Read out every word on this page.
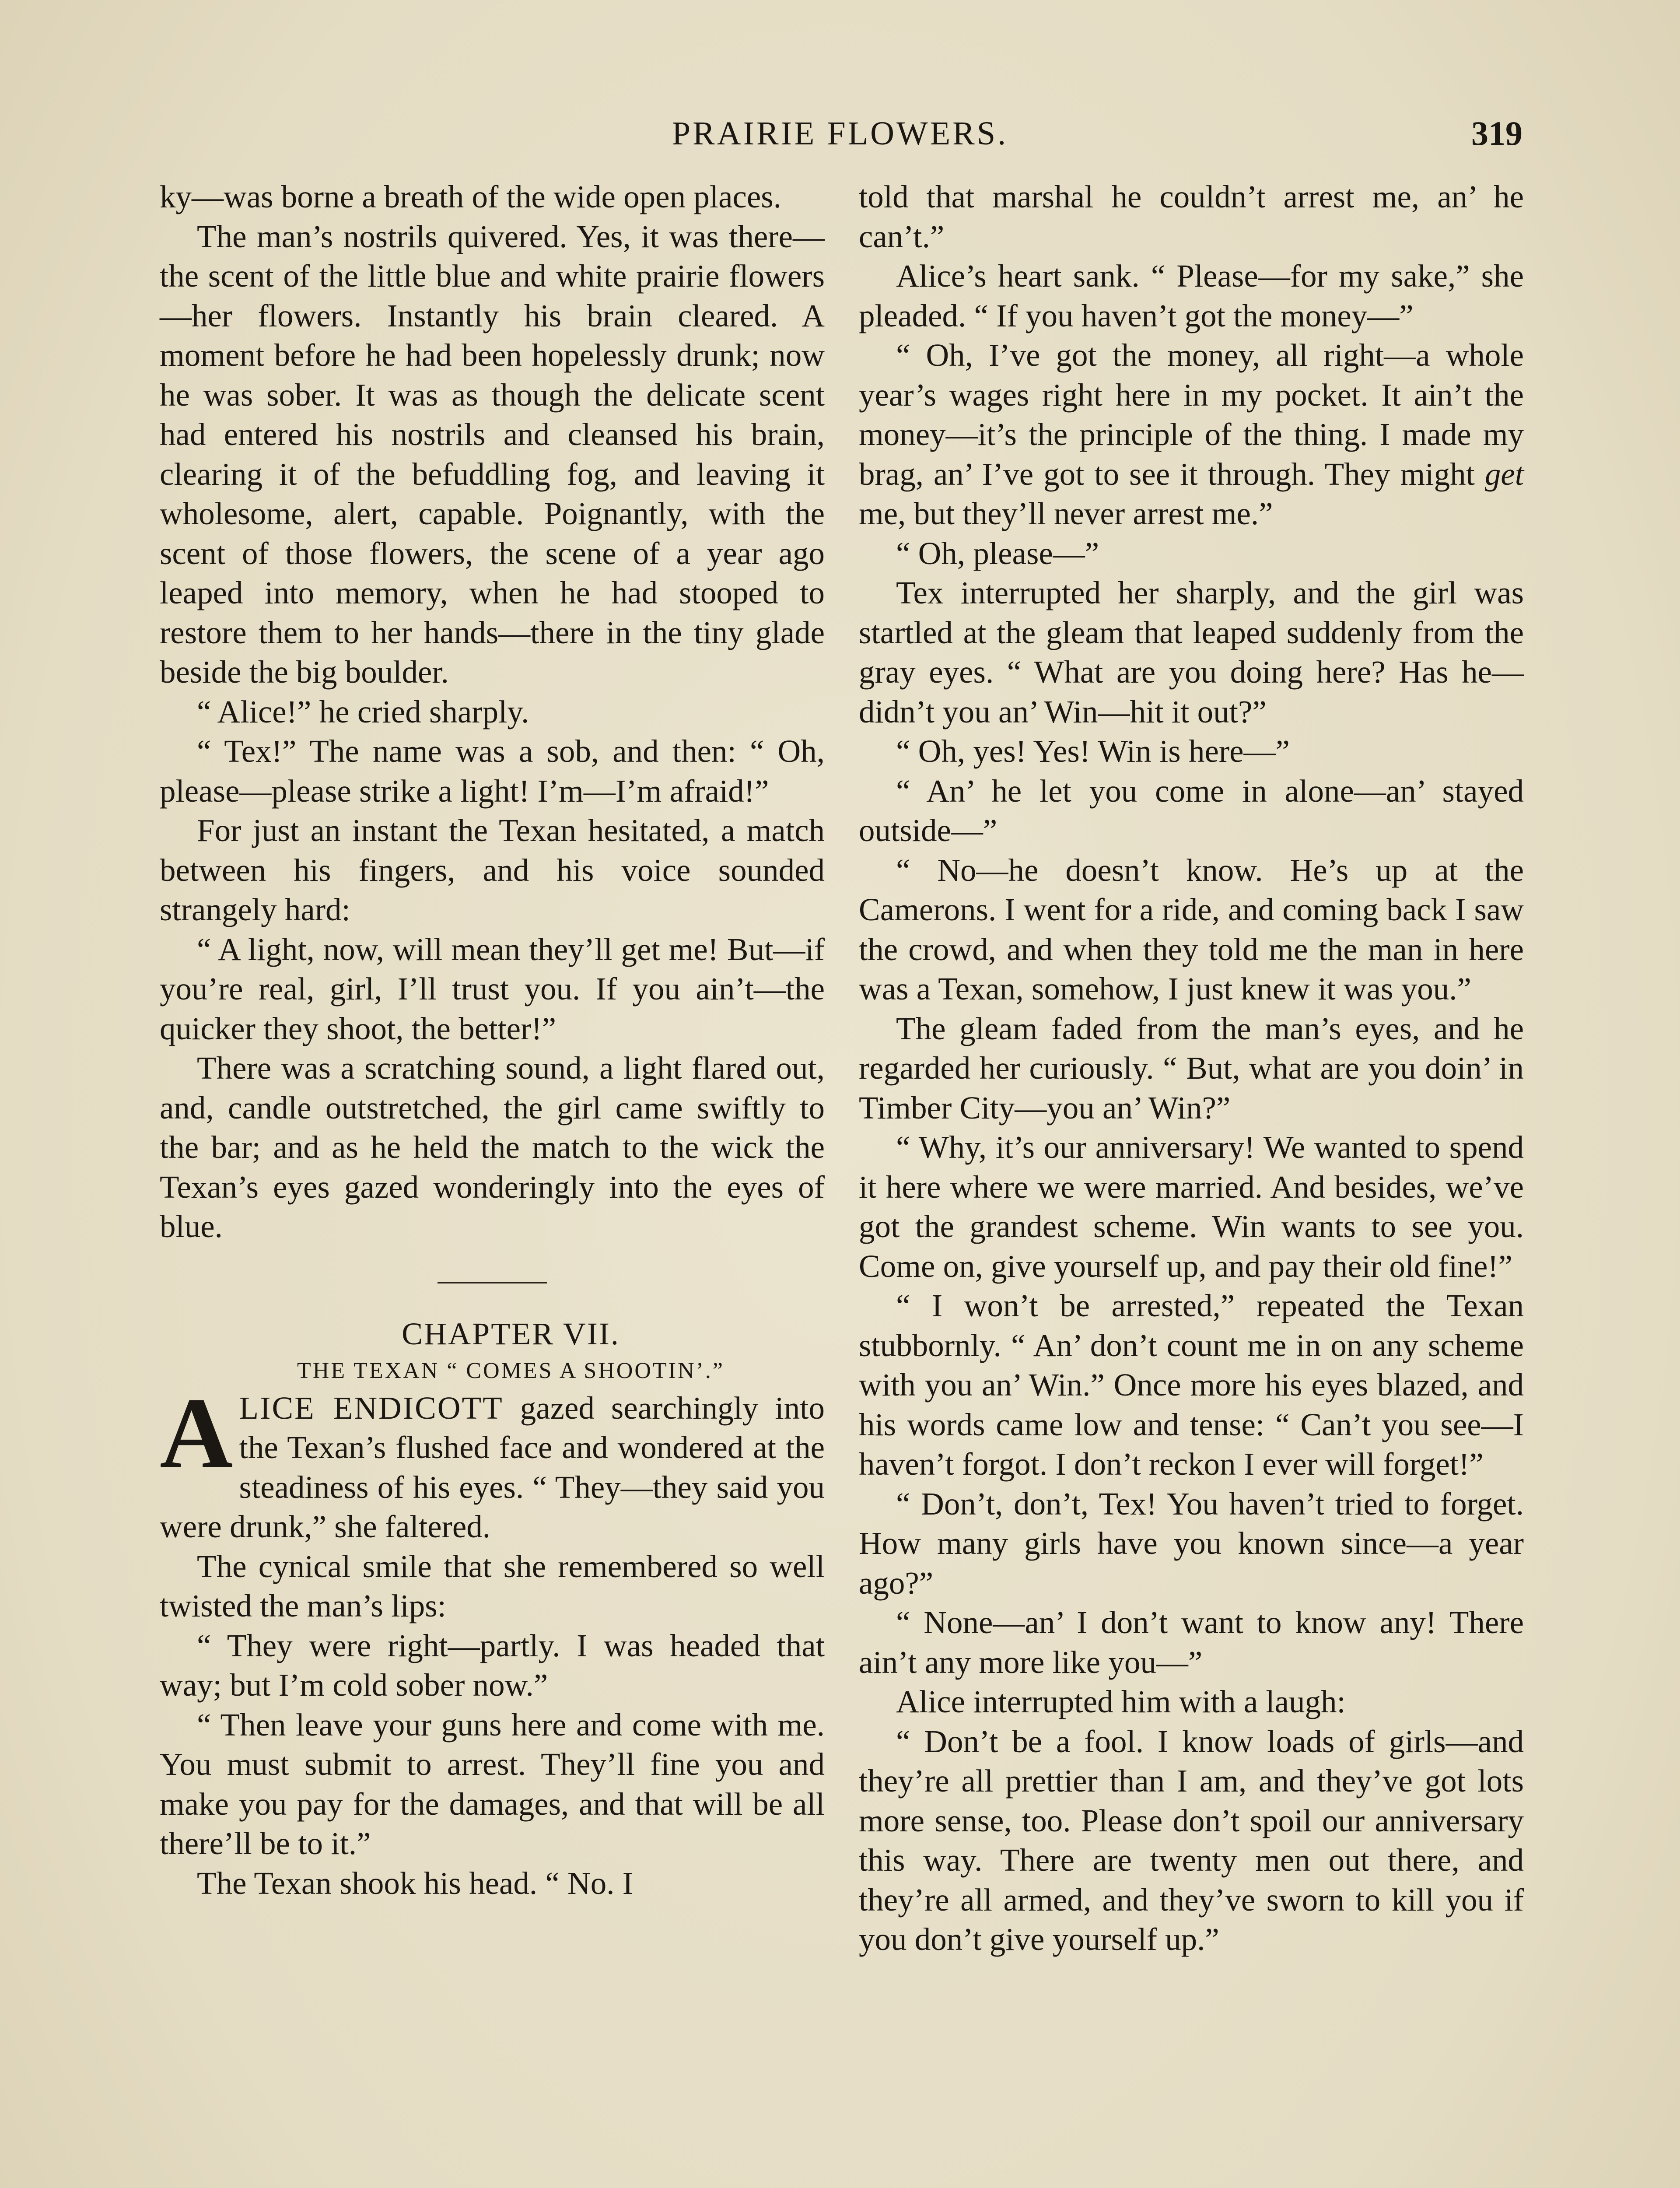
PRAIRIE FLOWERS.	319

ky—was borne a breath of the wide open places.

The man’s nostrils quivered. Yes, it was there—the scent of the little blue and white prairie flowers—her flowers. Instantly his brain cleared. A moment before he had been hopelessly drunk; now he was sober. It was as though the delicate scent had entered his nostrils and cleansed his brain, clearing it of the befuddling fog, and leaving it wholesome, alert, capable. Poignantly, with the scent of those flowers, the scene of a year ago leaped into memory, when he had stooped to restore them to her hands—there in the tiny glade beside the big boulder.

“ Alice!” he cried sharply.

“ Tex!” The name was a sob, and then: “ Oh, please—please strike a light! I’m—I’m afraid!”

For just an instant the Texan hesitated, a match between his fingers, and his voice sounded strangely hard:

“ A light, now, will mean they’ll get me! But—if you’re real, girl, I’ll trust you. If you ain’t—the quicker they shoot, the better!”

There was a scratching sound, a light flared out, and, candle outstretched, the girl came swiftly to the bar; and as he held the match to the wick the Texan’s eyes gazed wonderingly into the eyes of blue.

CHAPTER VII.

THE TEXAN “ COMES A SHOOTIN’.”

ALICE ENDICOTT gazed searchingly into the Texan’s flushed face and wondered at the steadiness of his eyes. “ They—they said you were drunk,” she faltered.

The cynical smile that she remembered so well twisted the man’s lips:

“ They were right—partly. I was headed that way; but I’m cold sober now.”

“ Then leave your guns here and come with me. You must submit to arrest. They’ll fine you and make you pay for the damages, and that will be all there’ll be to it.”

The Texan shook his head. “ No. I

told that marshal he couldn’t arrest me, an’ he can’t.”

Alice’s heart sank. “ Please—for my sake,” she pleaded. “ If you haven’t got the money—”

“ Oh, I’ve got the money, all right—a whole year’s wages right here in my pocket. It ain’t the money—it’s the principle of the thing. I made my brag, an’ I’ve got to see it through. They might get me, but they’ll never arrest me.”

“ Oh, please—”

Tex interrupted her sharply, and the girl was startled at the gleam that leaped suddenly from the gray eyes. “ What are you doing here? Has he—didn’t you an’ Win—hit it out?”

“ Oh, yes! Yes! Win is here—”

“ An’ he let you come in alone—an’ stayed outside—”

“ No—he doesn’t know. He’s up at the Camerons. I went for a ride, and coming back I saw the crowd, and when they told me the man in here was a Texan, somehow, I just knew it was you.”

The gleam faded from the man’s eyes, and he regarded her curiously. “ But, what are you doin’ in Timber City—you an’ Win?”

“ Why, it’s our anniversary! We wanted to spend it here where we were married. And besides, we’ve got the grandest scheme. Win wants to see you. Come on, give yourself up, and pay their old fine!”

“ I won’t be arrested,” repeated the Texan stubbornly. “ An’ don’t count me in on any scheme with you an’ Win.” Once more his eyes blazed, and his words came low and tense: “ Can’t you see—I haven’t forgot. I don’t reckon I ever will forget!”

“ Don’t, don’t, Tex! You haven’t tried to forget. How many girls have you known since—a year ago?”

“ None—an’ I don’t want to know any! There ain’t any more like you—”

Alice interrupted him with a laugh:

“ Don’t be a fool. I know loads of girls—and they’re all prettier than I am, and they’ve got lots more sense, too. Please don’t spoil our anniversary this way. There are twenty men out there, and they’re all armed, and they’ve sworn to kill you if you don’t give yourself up.”
